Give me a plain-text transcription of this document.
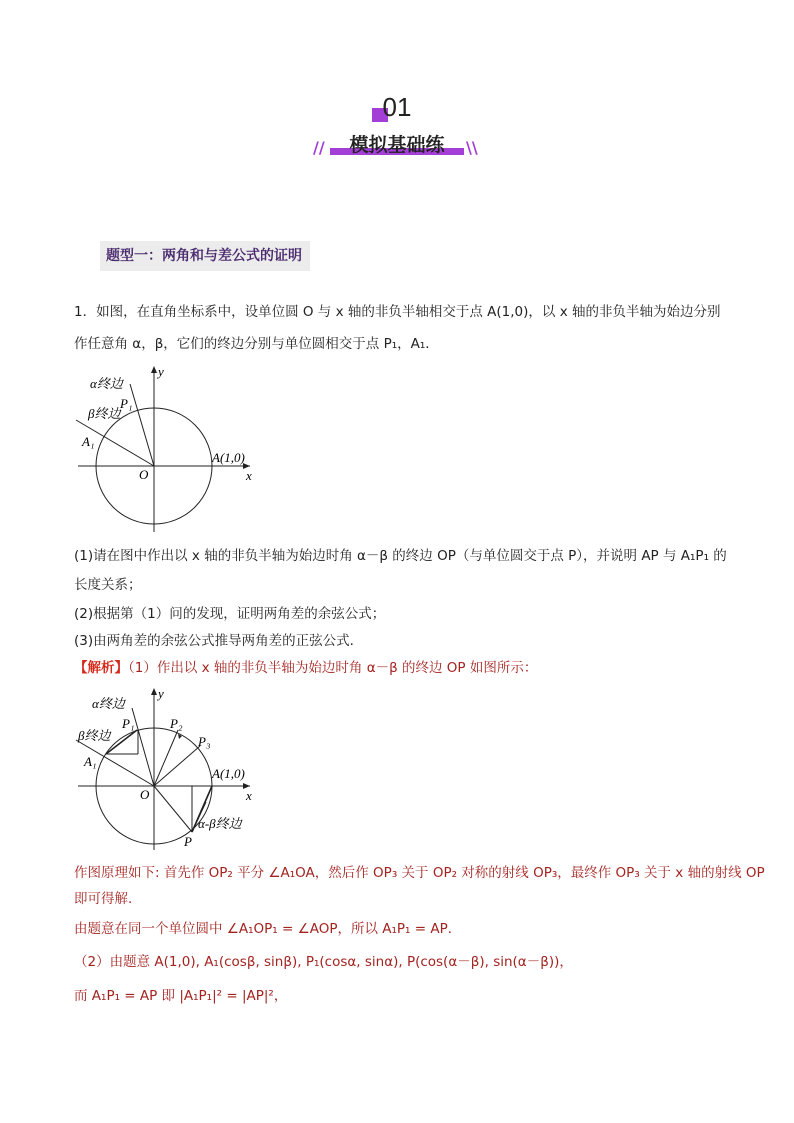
01
//	\\
模拟基础练
题型一：两角和与差公式的证明
1．如图，在直角坐标系中，设单位圆 O 与 x 轴的非负半轴相交于点 A(1,0)，以 x 轴的非负半轴为始边分别
作任意角 α，β，它们的终边分别与单位圆相交于点 P₁，A₁．
α终边
β终边
P₁
A₁
A(1,0)
y
x
O
(1)请在图中作出以 x 轴的非负半轴为始边时角 α－β 的终边 OP（与单位圆交于点 P），并说明 AP 与 A₁P₁ 的
长度关系；
(2)根据第（1）问的发现，证明两角差的余弦公式；
(3)由两角差的余弦公式推导两角差的正弦公式．
【解析】（1）作出以 x 轴的非负半轴为始边时角 α－β 的终边 OP 如图所示：
α终边
β终边
P₁	P₂
P₃
A₁
A(1,0)
y
x
O
P
α-β终边
作图原理如下: 首先作 OP₂ 平分 ∠A₁OA，然后作 OP₃ 关于 OP₂ 对称的射线 OP₃，最终作 OP₃ 关于 x 轴的射线 OP
即可得解.
由题意在同一个单位圆中 ∠A₁OP₁ = ∠AOP，所以 A₁P₁ = AP．
（2）由题意 A(1,0), A₁(cosβ, sinβ), P₁(cosα, sinα), P(cos(α－β), sin(α－β))，
而 A₁P₁ = AP 即 |A₁P₁|² = |AP|²，
